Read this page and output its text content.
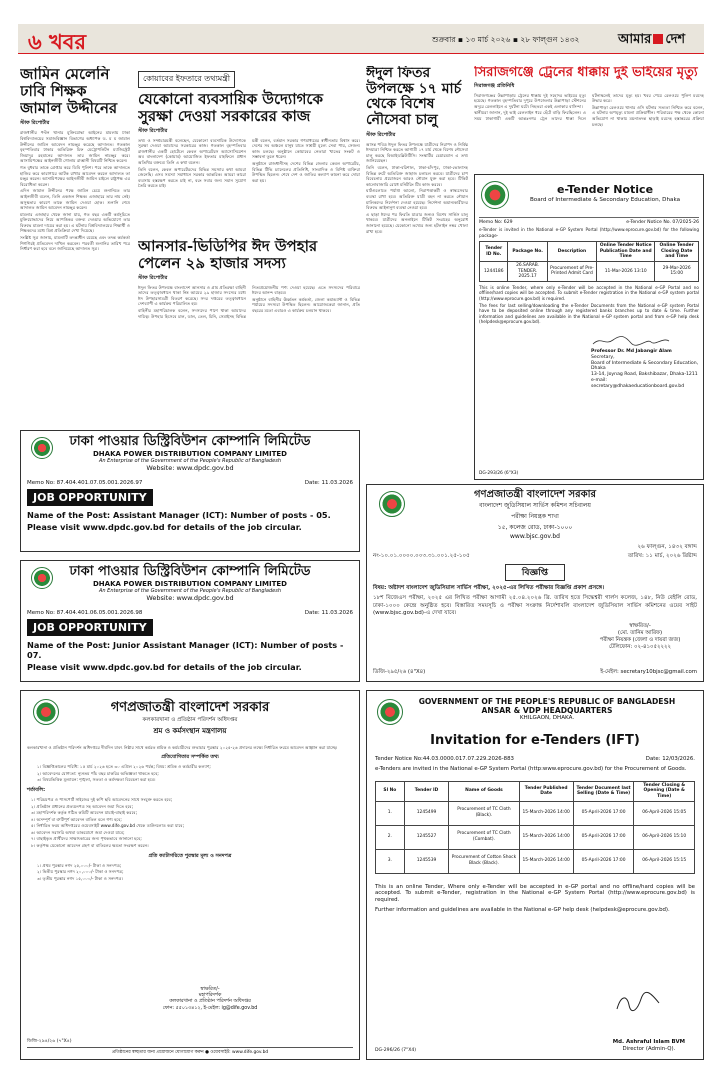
৬ খবর	শুক্রবার ▪ ১৩ মার্চ ২০২৬ ▪ ২৮ ফাল্গুন ১৪৩২	আমার দেশ
জামিন মেলেনি ঢাবি শিক্ষক জামাল উদ্দীনের
স্টাফ রিপোর্টার
রাজধানীর পল্টন থানার মুক্তিযোদ্ধা আইনের মামলায় ঢাকা বিশ্ববিদ্যালয়ের সমাজবিজ্ঞান বিভাগের অধ্যাপক ড. ম ম জামাল উদ্দীনের জামিন আবেদন নামঞ্জুর করেছে আদালত। গতকাল বৃহস্পতিবার ঢাকার অতিরিক্ত চিফ মেট্রোপলিটন ম্যাজিস্ট্রেট জিয়াদুর রহমানের আদালত তার জামিন নামঞ্জুর করে। আসামিপক্ষের আইনজীবী গোলাম রাব্বানী বিষয়টি নিশ্চিত করেন।
গত বুধবার তাকে গ্রেপ্তার করে ডিবি পুলিশ। পরে তাকে আদালতে হাজির করে কারাগারে আটক রাখার আবেদন করলে আদালত তা মঞ্জুর করেন। আসামিপক্ষের আইনজীবী জামিন চাইলে রাষ্ট্রপক্ষ এর বিরোধিতা করেন।
এদিন জামাল উদ্দীনের পক্ষে জামিন চেয়ে শুনানিতে তার আইনজীবী বলেন, তিনি একজন শিক্ষক। এজাহারে তার নাম নেই। অসুস্থতার কারণে তাকে জামিন দেওয়া হোক। শুনানি শেষে আদালত জামিন আবেদন নামঞ্জুর করেন।
মামলার এজাহার থেকে জানা যায়, গত বছর একটি কর্মসূচিতে মুক্তিযোদ্ধাদের নিয়ে আপত্তিকর বক্তব্য দেওয়ার অভিযোগে তার বিরুদ্ধে মামলা দায়ের করা হয়। এ ঘটনায় বিশ্ববিদ্যালয়ের শিক্ষার্থী ও শিক্ষকদের মধ্যে মিশ্র প্রতিক্রিয়া দেখা দিয়েছে।
সংশ্লিষ্ট সূত্র জানায়, মামলাটি তদন্তাধীন রয়েছে এবং তদন্ত কর্মকর্তা শিগগিরই প্রতিবেদন দাখিল করবেন। পরবর্তী শুনানির তারিখ পরে নির্ধারণ করা হবে বলে জানিয়েছে আদালত সূত্র।
কোয়াবের ইফতারে তথ্যমন্ত্রী
যেকোনো ব্যবসায়িক উদ্যোগকে সুরক্ষা দেওয়া সরকারের কাজ
স্টাফ রিপোর্টার
তথ্য ও সম্প্রচারমন্ত্রী বলেছেন, যেকোনো ব্যবসায়িক উদ্যোগকে সুরক্ষা দেওয়া আমাদের সরকারের কাজ। গতকাল বৃহস্পতিবার রাজধানীর একটি হোটেলে কেবল অপারেটরস অ্যাসোসিয়েশন অব বাংলাদেশ (কোয়াব) আয়োজিত ইফতার মাহফিলে প্রধান অতিথির বক্তব্যে তিনি এ কথা বলেন।
তিনি বলেন, কেবল অপারেটরদের বিভিন্ন সমস্যার কথা আমরা জেনেছি। এসব সমস্যা সমাধানে সরকার আন্তরিক। আমরা কারো ব্যবসায় হস্তক্ষেপ করতে চাই না, বরং সবার জন্য সমান সুযোগ তৈরি করতে চাই।
মন্ত্রী বলেন, বর্তমান সরকার গণমাধ্যমের স্বাধীনতায় বিশ্বাস করে। দেশের সব অঞ্চলে মানুষ যাতে সাশ্রয়ী মূল্যে সেবা পায়, সেজন্য কাজ চলছে। অনুষ্ঠানে কোয়াবের নেতারা খাতের সংকট ও সম্ভাবনা তুলে ধরেন।
অনুষ্ঠানে রাজধানীসহ দেশের বিভিন্ন জেলার কেবল অপারেটর, বিভিন্ন টিভি চ্যানেলের প্রতিনিধি, সাংবাদিক ও বিশিষ্ট ব্যক্তিরা উপস্থিত ছিলেন। শেষে দেশ ও জাতির কল্যাণ কামনা করে দোয়া করা হয়।
আনসার-ভিডিপির ঈদ উপহার পেলেন ২৯ হাজার সদস্য
স্টাফ রিপোর্টার
ঈদুল ফিতর উপলক্ষে বাংলাদেশ আনসার ও গ্রাম প্রতিরক্ষা বাহিনী তাদের তত্ত্বাবধানে থাকা নিম্ন আয়ের ২৯ হাজার সদস্যের মধ্যে ঈদ উপহারসামগ্রী বিতরণ করেছে। সদর দপ্তরের তত্ত্বাবধানে দেশব্যাপী এ কার্যক্রম পরিচালিত হয়।
বাহিনীর মহাপরিচালক বলেন, সদস্যদের পাশে থাকা আমাদের দায়িত্ব। উপহার হিসেবে চাল, ডাল, তেল, চিনি, সেমাইসহ বিভিন্ন নিত্যপ্রয়োজনীয় পণ্য দেওয়া হয়েছে। এতে সদস্যদের পরিবারে ঈদের আনন্দ বাড়বে।
অনুষ্ঠানে বাহিনীর ঊর্ধ্বতন কর্মকর্তা, জেলা কমান্ড্যান্ট ও বিভিন্ন পর্যায়ের সদস্যরা উপস্থিত ছিলেন। আয়োজকেরা জানান, প্রতি বছরের মতো এবারও এ কার্যক্রম চলমান থাকবে।
ঈদুল ফিতর উপলক্ষে ১৭ মার্চ থেকে বিশেষ নৌসেবা চালু
স্টাফ রিপোর্টার
আসন্ন পবিত্র ঈদুল ফিতর উপলক্ষে যাত্রীদের নিরাপদ ও নির্বিঘ্ন ঈদযাত্রা নিশ্চিত করতে আগামী ১৭ মার্চ থেকে বিশেষ নৌসেবা চালু করছে বিআইডব্লিউটিসি। সংস্থাটির চেয়ারম্যান এ তথ্য জানিয়েছেন।
তিনি বলেন, ঢাকা-বরিশাল, ঢাকা-চাঁদপুর, ঢাকা-ভোলাসহ বিভিন্ন রুটে অতিরিক্ত জাহাজ চলাচল করবে। যাত্রীদের চাপ বিবেচনায় প্রয়োজনে আরও নৌযান যুক্ত করা হবে। টিকিট কালোবাজারি রোধে মনিটরিং টিম কাজ করবে।
ঘাটগুলোতে পর্যাপ্ত আলো, নিরাপত্তাকর্মী ও স্বাস্থ্যসেবার ব্যবস্থা রাখা হবে। অতিরিক্ত যাত্রী বহন না করতে নৌযান মালিকদের নির্দেশনা দেওয়া হয়েছে। নির্দেশনা অমান্যকারীদের বিরুদ্ধে আইনানুগ ব্যবস্থা নেওয়া হবে।
এ ছাড়া ঈদের পর ফিরতি যাত্রার জন্যও বিশেষ সার্ভিস চালু থাকবে। যাত্রীদের অনলাইনে টিকিট সংগ্রহের অনুরোধ জানানো হয়েছে। যেকোনো তথ্যের জন্য হটলাইন নম্বর খোলা রাখা হবে।
সিরাজগঞ্জে ট্রেনের ধাক্কায় দুই ভাইয়ের মৃত্যু
সিরাজগঞ্জ প্রতিনিধি
সিরাজগঞ্জের উল্লাপাড়ায় ট্রেনের ধাক্কায় দুই সহোদর ভাইয়ের মৃত্যু হয়েছে। গতকাল বৃহস্পতিবার দুপুরে উপজেলার উল্লাপাড়া স্টেশনের অদূরে রেললাইনে এ দুর্ঘটনা ঘটে। নিহতরা একই এলাকার বাসিন্দা।
স্থানীয়রা জানান, দুই ভাই রেললাইন ধরে হেঁটে বাড়ি ফিরছিলেন। এ সময় ঢাকাগামী একটি আন্তঃনগর ট্রেন তাদের ধাক্কা দিলে ঘটনাস্থলেই তাদের মৃত্যু হয়। খবর পেয়ে রেলওয়ে পুলিশ মরদেহ উদ্ধার করে।
উল্লাপাড়া রেলওয়ে থানার ওসি ঘটনার সত্যতা নিশ্চিত করে বলেন, এ ঘটনায় অপমৃত্যু মামলা প্রক্রিয়াধীন। পরিবারের পক্ষ থেকে কোনো অভিযোগ না থাকায় ময়নাতদন্ত ছাড়াই মরদেহ হস্তান্তরের প্রক্রিয়া চলছে।
e-Tender Notice
Board of Intermediate & Secondary Education, Dhaka
Memo No: 629	e-Tender Notice No. 07/2025-26
e-Tender is invited in the National e-GP System Portal (http://www.eprocure.gov.bd) for the following package-
Tender ID No.	Package No.	Description	Online Tender Notice Publication Date and Time	Online Tender Closing Date and Time
1244186	26.SARAB. TENDER. 2025.17	Procurement of Pre-Printed Admit Card	11-Mar-2026 13:10	29-Mar-2026 15:00
This is online Tender, where only e-Tender will be accepted in the National e-GP Portal and no offline/hard copies will be accepted. To submit e-Tender registration in the National e-GP system portal (http://www.eprocure.gov.bd) is required.
The fees for last selling/downloading the e-Tender Documents from the National e-GP system Portal have to be deposited online through any registered banks branches up to date & time. Further information and guidelines are available in the National e-GP system portal and from e-GP help desk (helpdesk@eprocure.gov.bd).
Professor Dr. Md Jabangir Alam
Secretary,
Board of Intermediate & Secondary Education, Dhaka
13-14, Joynag Road, Bakshibazar, Dhaka-1211
e-mail: secretary@dhakaeducationboard.gov.bd
DG-293/26 (6"X3)
ঢাকা পাওয়ার ডিস্ট্রিবিউশন কোম্পানি লিমিটেড
DHAKA POWER DISTRIBUTION COMPANY LIMITED
An Enterprise of the Government of the People's Republic of Bangladesh
Website: www.dpdc.gov.bd
Memo No: 87.404.401.07.05.001.2026.97	Date: 11.03.2026
JOB OPPORTUNITY
Name of the Post: Assistant Manager (ICT): Number of posts - 05.
Please visit www.dpdc.gov.bd for details of the job circular.
ঢাকা পাওয়ার ডিস্ট্রিবিউশন কোম্পানি লিমিটেড
DHAKA POWER DISTRIBUTION COMPANY LIMITED
An Enterprise of the Government of the People's Republic of Bangladesh
Website: www.dpdc.gov.bd
Memo No: 87.404.401.06.05.001.2026.98	Date: 11.03.2026
JOB OPPORTUNITY
Name of the Post: Junior Assistant Manager (ICT): Number of posts - 07.
Please visit www.dpdc.gov.bd for details of the job circular.
গণপ্রজাতন্ত্রী বাংলাদেশ সরকার
বাংলাদেশ জুডিসিয়াল সার্ভিস কমিশন সচিবালয়
পরীক্ষা নিয়ন্ত্রক শাখা
১৫, কলেজ রোড, ঢাকা-১০০০
www.bjsc.gov.bd
২৬ ফাল্গুন, ১৪৩২ বঙ্গাব্দ
নং-১০.০১.০০০০.০০৩.৩১.০০১.২৫-১০৫	তারিখ: ১১ মার্চ, ২০২৬ খ্রিষ্টাব্দ
বিজ্ঞপ্তি
বিষয়: অষ্টাদশ বাংলাদেশ জুডিসিয়াল সার্ভিস পরীক্ষা, ২০২৫-এর লিখিত পরীক্ষার বিজ্ঞপ্তি প্রকাশ প্রসঙ্গে।
১৮শ বিজেএস পরীক্ষা, ২০২৫ এর লিখিত পরীক্ষা আগামী ২৫.০৪.২০২৬ খ্রি. তারিখ হতে সিদ্ধেশ্বরী গার্লস কলেজ, ১৪৮, নিউ বেইলি রোড, ঢাকা-১০০০ কেন্দ্রে অনুষ্ঠিত হবে। বিস্তারিত সময়সূচি ও পরীক্ষা সংক্রান্ত নির্দেশাবলি বাংলাদেশ জুডিসিয়াল সার্ভিস কমিশনের ওয়েব সাইট (www.bjsc.gov.bd)-এ দেখা যাবে।
স্বাক্ষরিত/-
(মো. তানিম আরিফ)
পরীক্ষা নিয়ন্ত্রক (জেলা ও দায়রা জজ)
টেলিফোন: ০২-৪১০৫২২২২
ডিজি-২৯৫/২৬ (৪"X৪)	ই-মেইল: secretary10bjsc@gmail.com
গণপ্রজাতন্ত্রী বাংলাদেশ সরকার
কলকারখানা ও প্রতিষ্ঠান পরিদর্শন অধিদপ্তর
শ্রম ও কর্মসংস্থান মন্ত্রণালয়
কলকারখানা ও প্রতিষ্ঠান পরিদর্শন অধিদপ্তরে দীর্ঘদিন যাবৎ নিষ্ঠার সাথে কর্মরত শ্রমিক ও কর্মচারীদের শুদ্ধাচার পুরস্কার ২০২৫-২৬ প্রদানের লক্ষ্যে নির্ধারিত ফরমে আবেদন আহ্বান করা যাচ্ছে।
প্রতিযোগিতার সম্পর্কিত তথ্য
১। বিজ্ঞপ্তিকালের পরিধি: ১৫ মার্চ ২০২৬ হতে ৩০ এপ্রিল ২০২৬ পর্যন্ত; বিষয়: শ্রমিক ও কর্মচারীর কল্যাণ;
২। আবেদনের যোগ্যতা: ন্যূনতম পাঁচ বছর চাকরির অভিজ্ঞতা থাকতে হবে;
৩। বিষয়ভিত্তিক মূল্যায়ন: শৃঙ্খলা, সততা ও কর্মদক্ষতা বিবেচনা করা হবে।
শর্তাবলি:
১। পরিচয়পত্র ও পাসপোর্ট সাইজের দুই কপি ছবি আবেদনের সাথে সংযুক্ত করতে হবে;
২। প্রতিষ্ঠান প্রধানের প্রত্যয়নপত্র সহ আবেদন জমা দিতে হবে;
৩। মহাপরিদর্শক কর্তৃক গঠিত কমিটি আবেদন যাচাই-বাছাই করবে;
৪। অসম্পূর্ণ বা ত্রুটিপূর্ণ আবেদন বাতিল বলে গণ্য হবে;
৫। নির্ধারিত ফরম অধিদপ্তরের ওয়েবসাইট www.dife.gov.bd থেকে ডাউনলোড করা যাবে;
৬। আবেদন সরাসরি অথবা ডাকযোগে জমা দেওয়া যাবে;
৭। বাছাইকৃত প্রার্থীদের সাক্ষাৎকারের জন্য পৃথকভাবে জানানো হবে;
৮। কর্তৃপক্ষ যেকোনো আবেদন গ্রহণ বা বাতিলের ক্ষমতা সংরক্ষণ করেন।
প্রতি ক্যাটাগরিতে পুরস্কার মূল্য ও সনদপত্র
১। প্রথম পুরস্কার নগদ ২৫,০০০/- টাকা ও সনদপত্র;
২। দ্বিতীয় পুরস্কার নগদ ২০,০০০/- টাকা ও সনদপত্র;
৩। তৃতীয় পুরস্কার নগদ ১৫,০০০/- টাকা ও সনদপত্র।
স্বাক্ষরিত/-
মহাপরিদর্শক
কলকারখানা ও প্রতিষ্ঠান পরিদর্শন অধিদপ্তর
ফোন: ৫৫০১৩৪১২, ই-মেইল: ig@dife.gov.bd
ডিজি-২৯৪/২৬ (৭"X৪)
প্রতিষ্ঠানের স্বচ্ছতার জন্য প্রয়োজনে যোগাযোগ করুন ● ওয়েবসাইট: www.dife.gov.bd
GOVERNMENT OF THE PEOPLE'S REPUBLIC OF BANGLADESH
ANSAR & VDP HEADQUARTERS
KHILGAON, DHAKA.
Invitation for e-Tenders (IFT)
Tender Notice No:44.03.0000.017.07.229.2026-883	Date: 12/03/2026.
e-Tenders are invited in the National e-GP System Portal (http:www.eprocure.gov.bd) for the Procurement of Goods.
Sl No	Tender ID	Name of Goods	Tender Published Date	Tender Document last Selling (Date & Time)	Tender Closing & Opening (Date & Time)
1.	1245499	Procurement of TC Cloth (Black).	15-March-2026 14:00	05-April-2026 17:00	06-April-2026 15:05
2.	1245527	Procurement of TC Cloth (Combat).	15-March-2026 14:00	05-April-2026 17:00	06-April-2026 15:10
3.	1245539	Procurement of Cotton Shock Black (Black).	15-March-2026 14:00	05-April-2026 17:00	06-April-2026 15:15
This is an online Tender, Where only e-Tender will be accepted in e-GP portal and no offline/hard copies will be accepted. To submit e-Tender, registration in the National e-GP System Portal (http://www.eprocure.gov.bd) is required.
Further information and guidelines are available in the National e-GP help desk (helpdesk@eprocure.gov.bd).
DG-296/26 (7"X4)
Md. Ashraful Islam BVM
Director (Admin-Q).
